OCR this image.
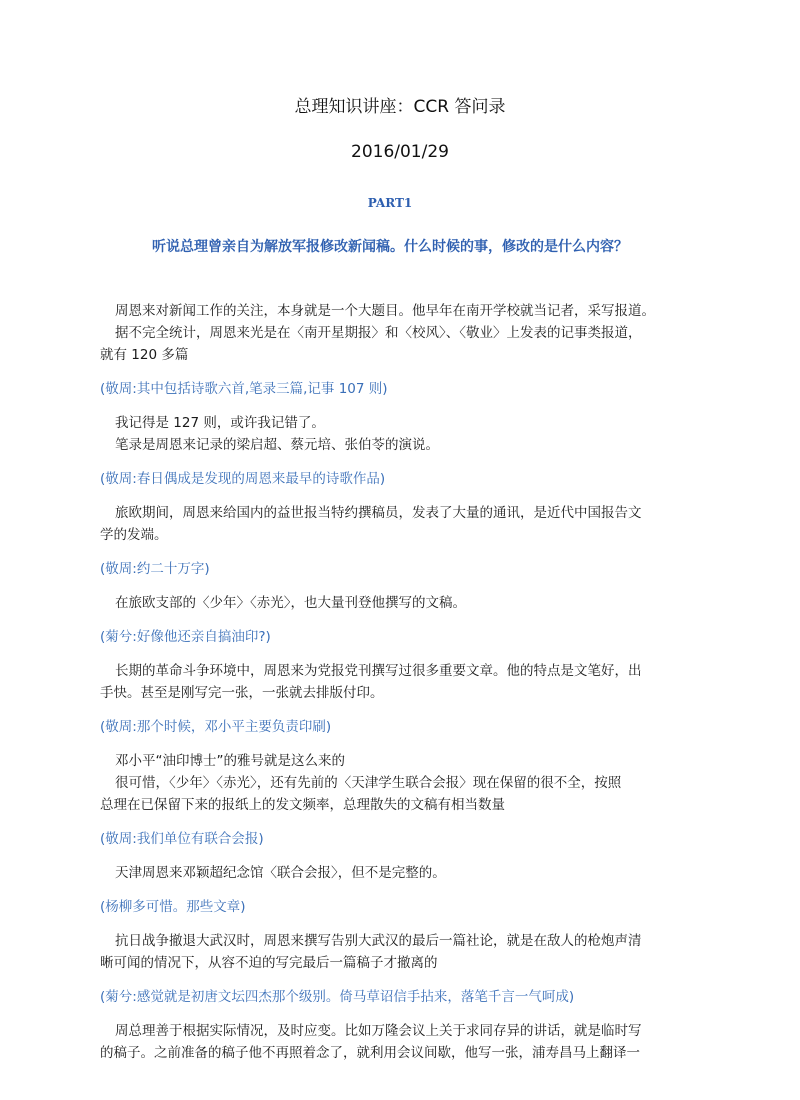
总理知识讲座：CCR 答问录
2016/01/29
PART1
听说总理曾亲自为解放军报修改新闻稿。什么时候的事，修改的是什么内容？
周恩来对新闻工作的关注，本身就是一个大题目。他早年在南开学校就当记者，采写报道。
据不完全统计，周恩来光是在〈南开星期报〉和〈校风〉、〈敬业〉上发表的记事类报道，
就有 120 多篇
(敬周:其中包括诗歌六首,笔录三篇,记事 107 则)
我记得是 127 则，或许我记错了。
笔录是周恩来记录的梁启超、蔡元培、张伯苓的演说。
(敬周:春日偶成是发现的周恩来最早的诗歌作品)
旅欧期间，周恩来给国内的益世报当特约撰稿员，发表了大量的通讯，是近代中国报告文
学的发端。
(敬周:约二十万字)
在旅欧支部的〈少年〉〈赤光〉，也大量刊登他撰写的文稿。
(菊兮:好像他还亲自搞油印?)
长期的革命斗争环境中，周恩来为党报党刊撰写过很多重要文章。他的特点是文笔好，出
手快。甚至是刚写完一张，一张就去排版付印。
(敬周:那个时候，邓小平主要负责印刷)
邓小平“油印博士”的雅号就是这么来的
很可惜，〈少年〉〈赤光〉，还有先前的〈天津学生联合会报〉现在保留的很不全，按照
总理在已保留下来的报纸上的发文频率，总理散失的文稿有相当数量
(敬周:我们单位有联合会报)
天津周恩来邓颖超纪念馆〈联合会报〉，但不是完整的。
(杨柳多可惜。那些文章)
抗日战争撤退大武汉时，周恩来撰写告别大武汉的最后一篇社论，就是在敌人的枪炮声清
晰可闻的情况下，从容不迫的写完最后一篇稿子才撤离的
(菊兮:感觉就是初唐文坛四杰那个级别。倚马草诏信手拈来，落笔千言一气呵成)
周总理善于根据实际情况，及时应变。比如万隆会议上关于求同存异的讲话，就是临时写
的稿子。之前准备的稿子他不再照着念了，就利用会议间歇，他写一张，浦寿昌马上翻译一
